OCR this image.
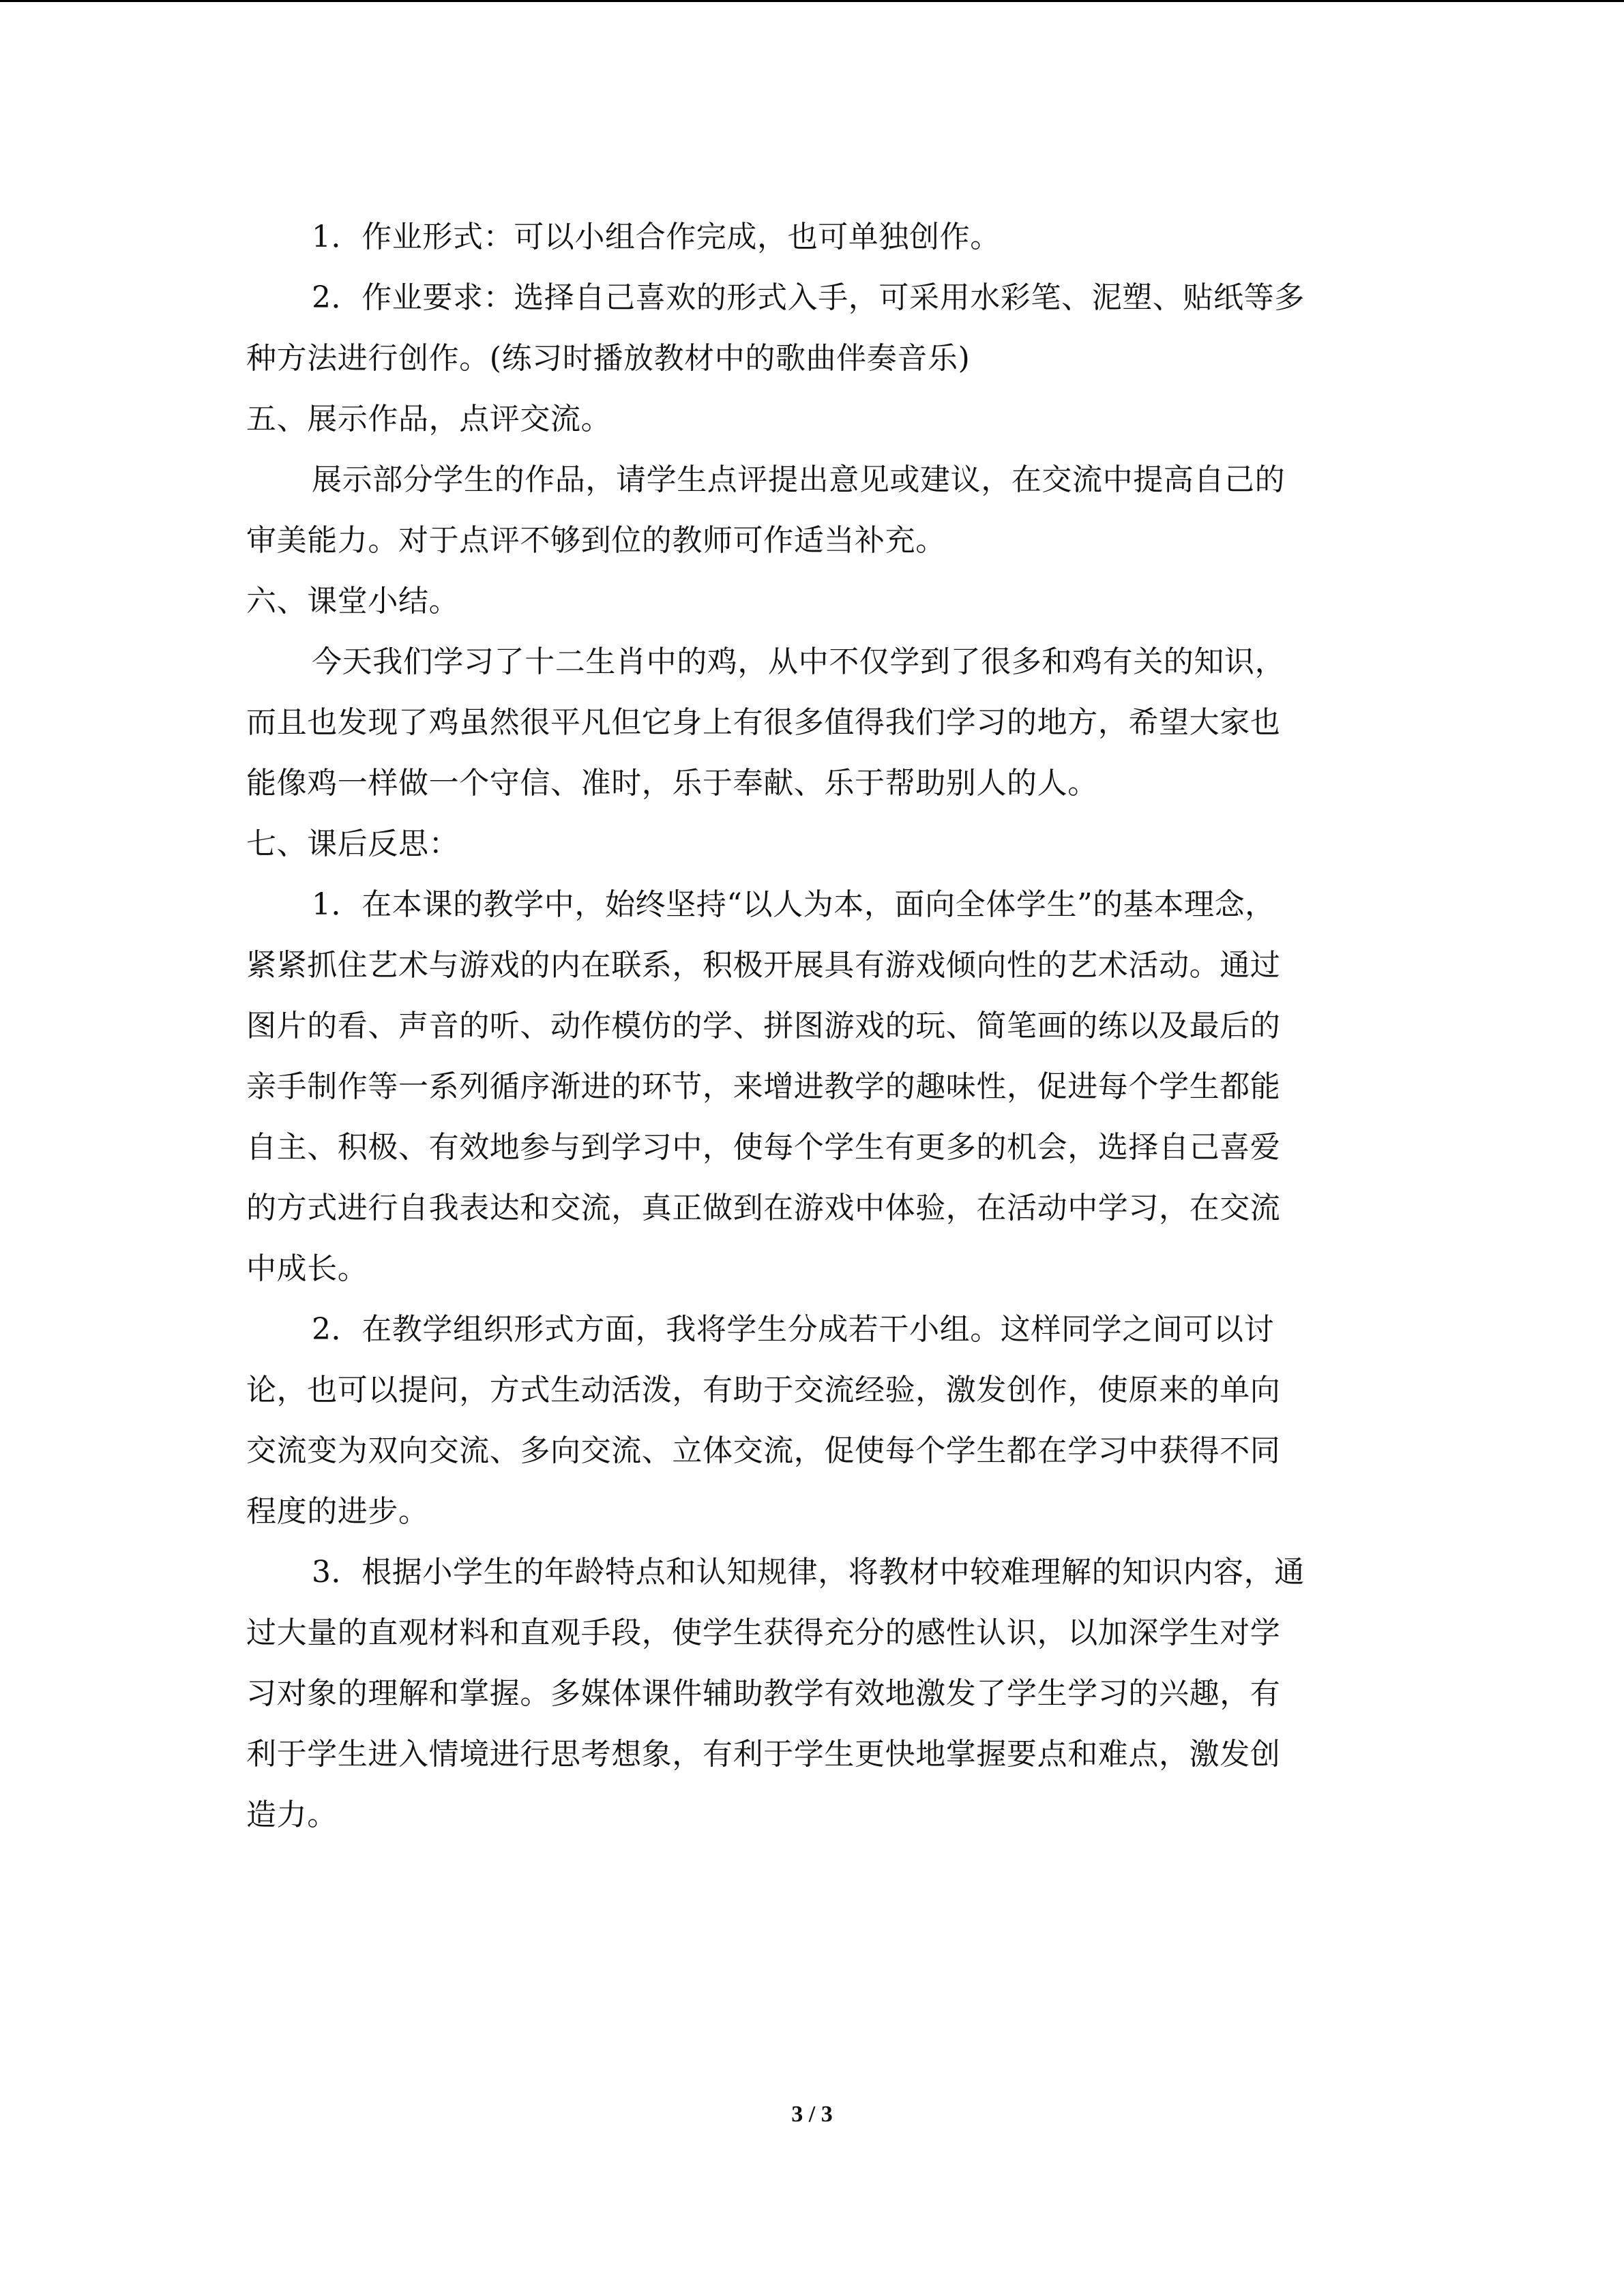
1．作业形式：可以小组合作完成，也可单独创作。
2．作业要求：选择自己喜欢的形式入手，可采用水彩笔、泥塑、贴纸等多
种方法进行创作。(练习时播放教材中的歌曲伴奏音乐)
五、展示作品，点评交流。
展示部分学生的作品，请学生点评提出意见或建议，在交流中提高自己的
审美能力。对于点评不够到位的教师可作适当补充。
六、课堂小结。
今天我们学习了十二生肖中的鸡，从中不仅学到了很多和鸡有关的知识，
而且也发现了鸡虽然很平凡但它身上有很多值得我们学习的地方，希望大家也
能像鸡一样做一个守信、准时，乐于奉献、乐于帮助别人的人。
七、课后反思：
1．在本课的教学中，始终坚持“以人为本，面向全体学生”的基本理念，
紧紧抓住艺术与游戏的内在联系，积极开展具有游戏倾向性的艺术活动。通过
图片的看、声音的听、动作模仿的学、拼图游戏的玩、简笔画的练以及最后的
亲手制作等一系列循序渐进的环节，来增进教学的趣味性，促进每个学生都能
自主、积极、有效地参与到学习中，使每个学生有更多的机会，选择自己喜爱
的方式进行自我表达和交流，真正做到在游戏中体验，在活动中学习，在交流
中成长。
2．在教学组织形式方面，我将学生分成若干小组。这样同学之间可以讨
论，也可以提问，方式生动活泼，有助于交流经验，激发创作，使原来的单向
交流变为双向交流、多向交流、立体交流，促使每个学生都在学习中获得不同
程度的进步。
3．根据小学生的年龄特点和认知规律，将教材中较难理解的知识内容，通
过大量的直观材料和直观手段，使学生获得充分的感性认识，以加深学生对学
习对象的理解和掌握。多媒体课件辅助教学有效地激发了学生学习的兴趣，有
利于学生进入情境进行思考想象，有利于学生更快地掌握要点和难点，激发创
造力。
3 / 3
